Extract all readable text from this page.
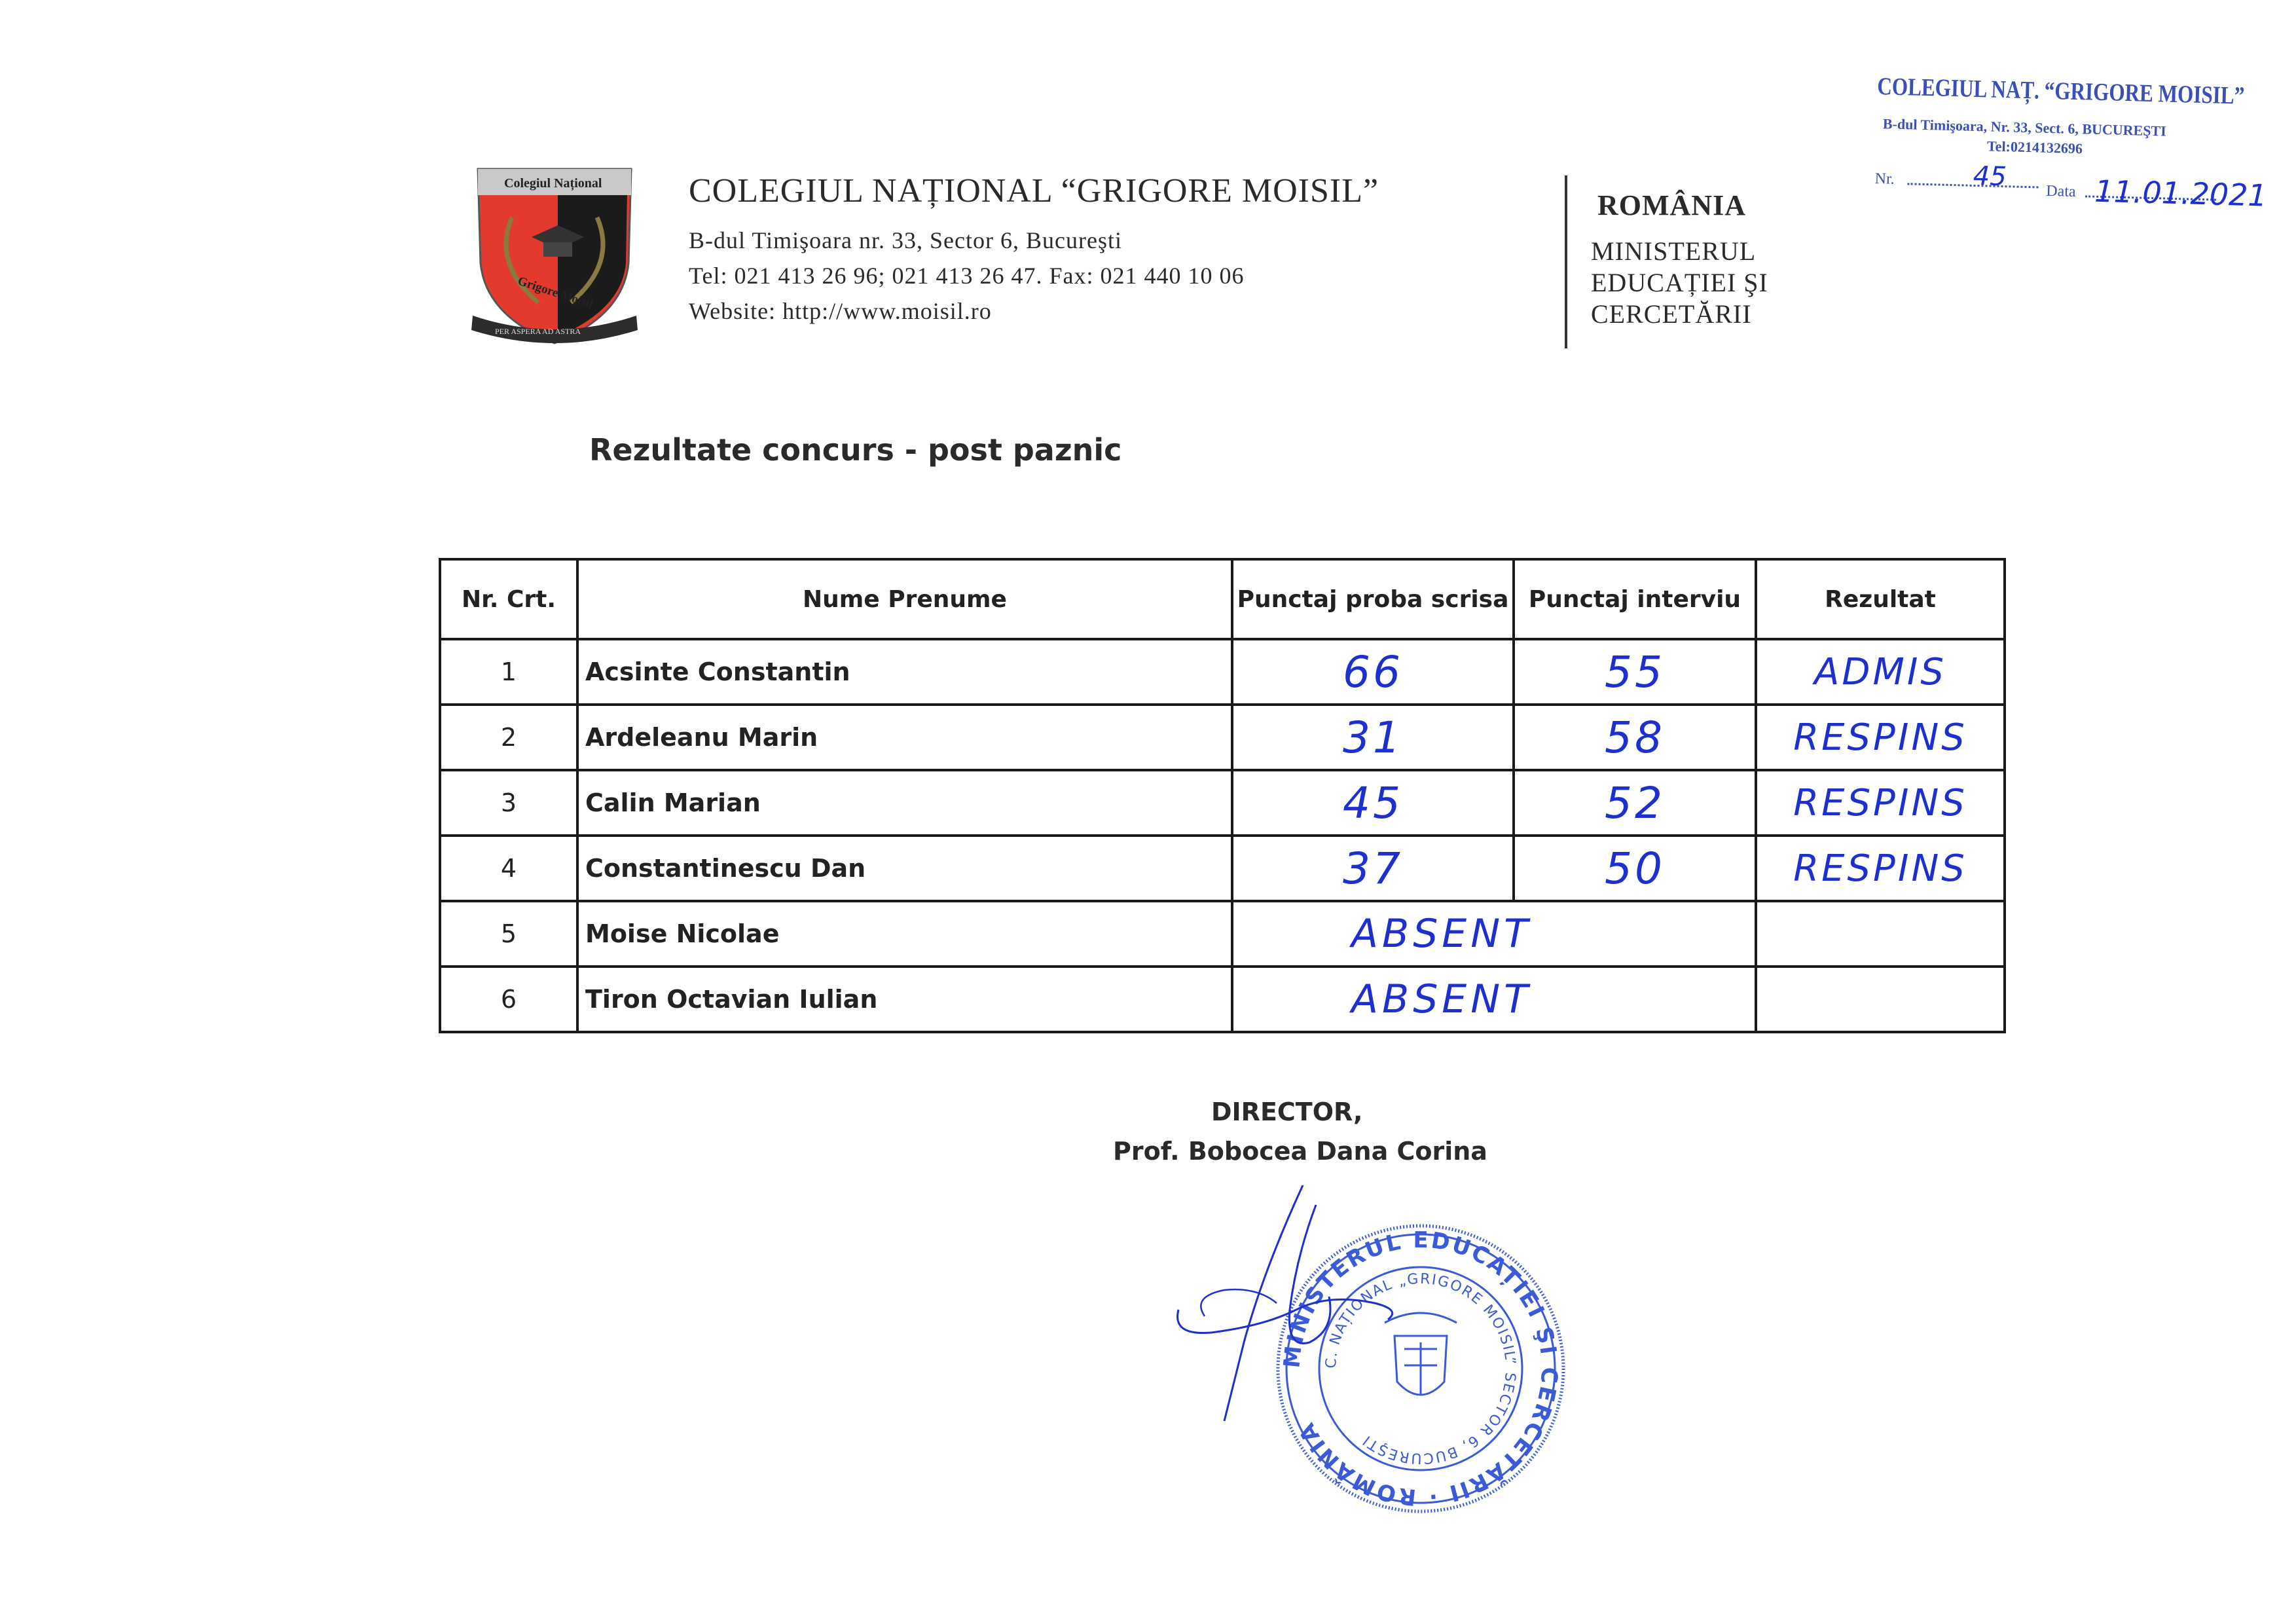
Colegiul Național
Grigore Moisil
PER ASPERA AD ASTRA
COLEGIUL NAȚIONAL “GRIGORE MOISIL”
B-dul Timişoara nr. 33, Sector 6, Bucureşti
Tel: 021 413 26 96; 021 413 26 47. Fax: 021 440 10 06
Website: http://www.moisil.ro
ROMÂNIA
MINISTERUL
EDUCAȚIEI ŞI
CERCETĂRII
COLEGIUL NAȚ. “GRIGORE MOISIL”
B-dul Timişoara, Nr. 33, Sect. 6, BUCUREŞTI
Tel:0214132696
Nr.	45 Data 11.01.2021
Rezultate concurs - post paznic
Nr. Crt.	Nume Prenume	Punctaj proba scrisa	Punctaj interviu	Rezultat
1	Acsinte Constantin	66	55	ADMIS
2	Ardeleanu Marin	31	58	RESPINS
3	Calin Marian	45	52	RESPINS
4	Constantinescu Dan	37	50	RESPINS
5	Moise Nicolae	ABSENT		
6	Tiron Octavian Iulian	ABSENT		
DIRECTOR,
Prof. Bobocea Dana Corina
MINISTERUL EDUCAȚIEI ŞI CERCETĂRII · ROMÂNIA
C. NAȚIONAL „GRIGORE MOISIL” SECTOR 6, BUCUREŞTI
